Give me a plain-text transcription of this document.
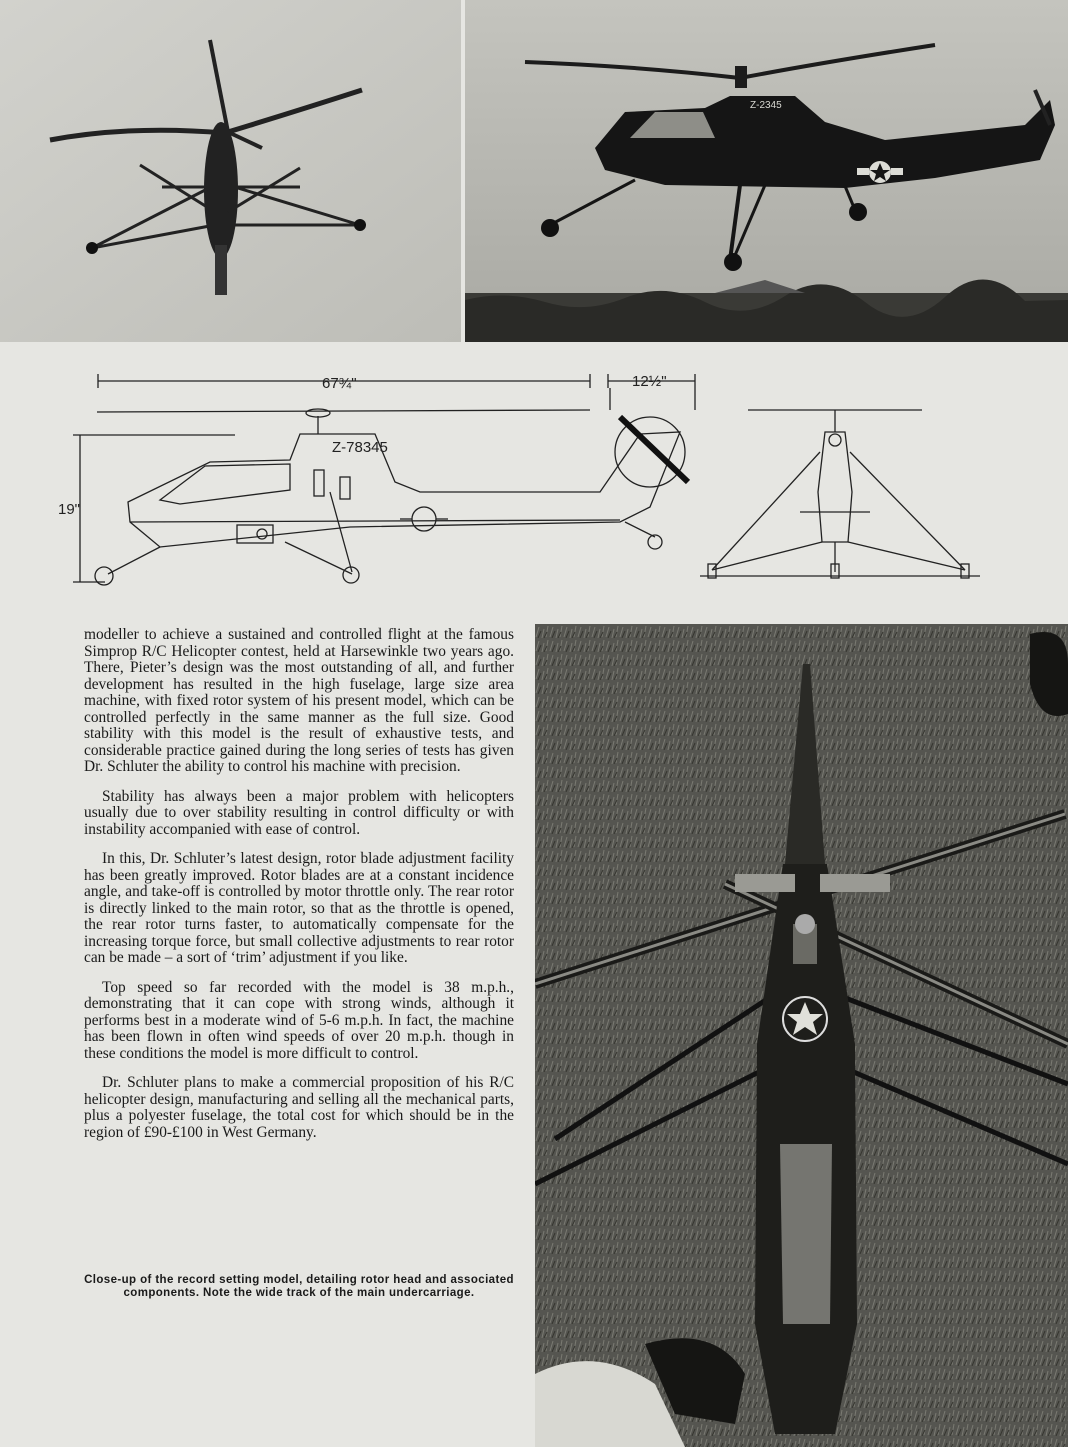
Z-2345
67¾"	12½"
19"
Z-78345

modeller to achieve a sustained and controlled flight at the famous Simprop R/C Helicopter contest, held at Harsewinkle two years ago. There, Pieter’s design was the most outstanding of all, and further development has resulted in the high fuselage, large size area machine, with fixed rotor system of his present model, which can be controlled perfectly in the same manner as the full size. Good stability with this model is the result of exhaustive tests, and considerable practice gained during the long series of tests has given Dr. Schluter the ability to control his machine with precision.

Stability has always been a major problem with helicopters usually due to over stability resulting in control difficulty or with instability accompanied with ease of control.

In this, Dr. Schluter’s latest design, rotor blade adjustment facility has been greatly improved. Rotor blades are at a constant incidence angle, and take-off is controlled by motor throttle only. The rear rotor is directly linked to the main rotor, so that as the throttle is opened, the rear rotor turns faster, to automatically compensate for the increasing torque force, but small collective adjustments to rear rotor can be made – a sort of ‘trim’ adjustment if you like.

Top speed so far recorded with the model is 38 m.p.h., demonstrating that it can cope with strong winds, although it performs best in a moderate wind of 5-6 m.p.h. In fact, the machine has been flown in often wind speeds of over 20 m.p.h. though in these conditions the model is more difficult to control.

Dr. Schluter plans to make a commercial proposition of his R/C helicopter design, manufacturing and selling all the mechanical parts, plus a polyester fuselage, the total cost for which should be in the region of £90-£100 in West Germany.

Close-up of the record setting model, detailing rotor head and associated components. Note the wide track of the main undercarriage.
